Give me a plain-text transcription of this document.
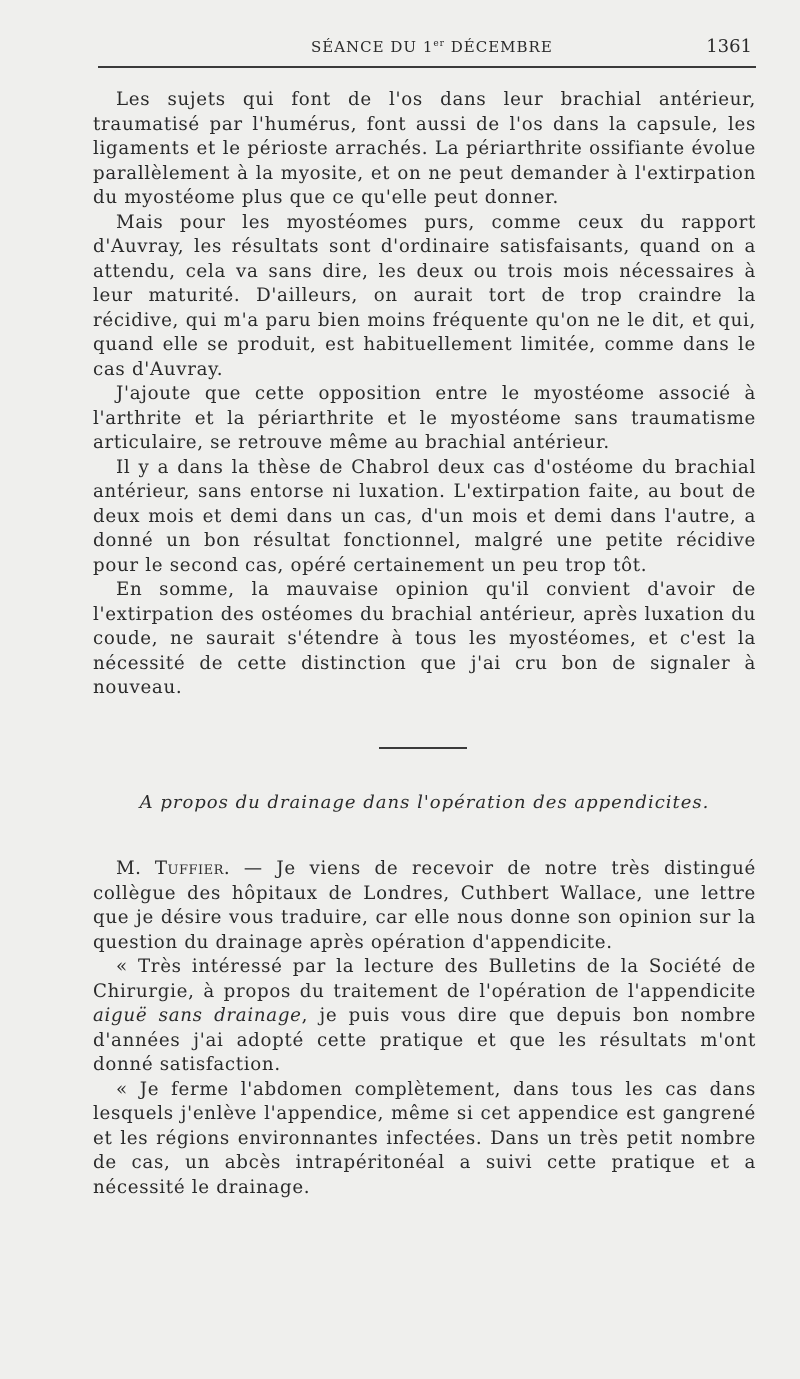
SÉANCE DU 1er DÉCEMBRE	1361

Les sujets qui font de l'os dans leur brachial antérieur, traumatisé par l'humérus, font aussi de l'os dans la capsule, les ligaments et le périoste arrachés. La périarthrite ossifiante évolue parallèlement à la myosite, et on ne peut demander à l'extirpation du myostéome plus que ce qu'elle peut donner.

Mais pour les myostéomes purs, comme ceux du rapport d'Auvray, les résultats sont d'ordinaire satisfaisants, quand on a attendu, cela va sans dire, les deux ou trois mois nécessaires à leur maturité. D'ailleurs, on aurait tort de trop craindre la récidive, qui m'a paru bien moins fréquente qu'on ne le dit, et qui, quand elle se produit, est habituellement limitée, comme dans le cas d'Auvray.

J'ajoute que cette opposition entre le myostéome associé à l'arthrite et la périarthrite et le myostéome sans traumatisme articulaire, se retrouve même au brachial antérieur.

Il y a dans la thèse de Chabrol deux cas d'ostéome du brachial antérieur, sans entorse ni luxation. L'extirpation faite, au bout de deux mois et demi dans un cas, d'un mois et demi dans l'autre, a donné un bon résultat fonctionnel, malgré une petite récidive pour le second cas, opéré certainement un peu trop tôt.

En somme, la mauvaise opinion qu'il convient d'avoir de l'extirpation des ostéomes du brachial antérieur, après luxation du coude, ne saurait s'étendre à tous les myostéomes, et c'est la nécessité de cette distinction que j'ai cru bon de signaler à nouveau.

A propos du drainage dans l'opération des appendicites.

M. Tuffier. — Je viens de recevoir de notre très distingué collègue des hôpitaux de Londres, Cuthbert Wallace, une lettre que je désire vous traduire, car elle nous donne son opinion sur la question du drainage après opération d'appendicite.

« Très intéressé par la lecture des Bulletins de la Société de Chirurgie, à propos du traitement de l'opération de l'appendicite aiguë sans drainage, je puis vous dire que depuis bon nombre d'années j'ai adopté cette pratique et que les résultats m'ont donné satisfaction.

« Je ferme l'abdomen complètement, dans tous les cas dans lesquels j'enlève l'appendice, même si cet appendice est gangrené et les régions environnantes infectées. Dans un très petit nombre de cas, un abcès intrapéritonéal a suivi cette pratique et a nécessité le drainage.
